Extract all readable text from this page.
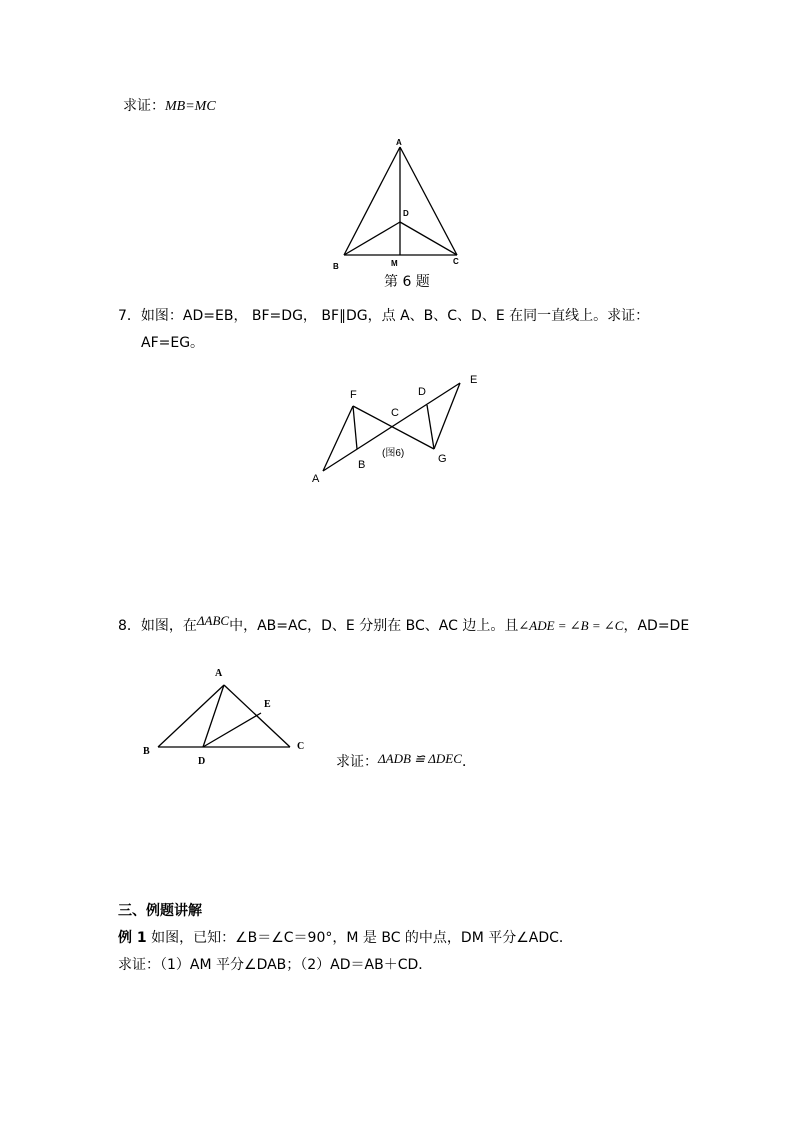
求证：MB=MC
A
D
B	M	C
第 6 题
7．如图：AD=EB， BF=DG， BF∥DG，点 A、B、C、D、E 在同一直线上。求证：
AF=EG。
F
C
D
E
(图6)
B	G
A
8．如图，在ΔABC中，AB=AC，D、E 分别在 BC、AC 边上。且∠ADE = ∠B = ∠C，AD=DE
A
E
B	C
D	求证：ΔADB ≌ ΔDEC．
三、例题讲解
例 1 如图，已知：∠B＝∠C＝90°，M 是 BC 的中点，DM 平分∠ADC．
求证：（1）AM 平分∠DAB；（2）AD＝AB＋CD．
